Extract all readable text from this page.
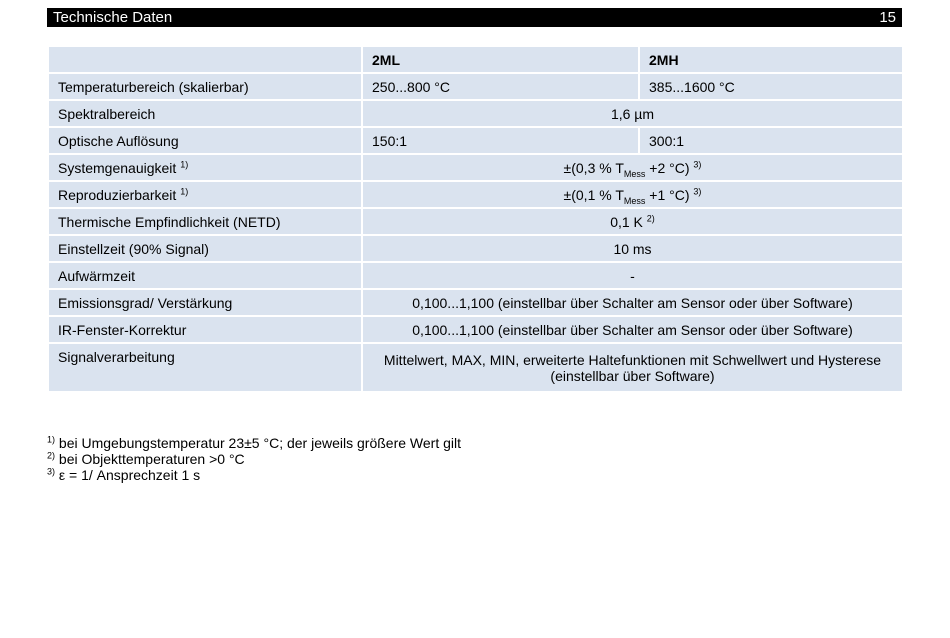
Technische Daten	15
	2ML	2MH
Temperaturbereich (skalierbar)	250...800 °C	385...1600 °C
Spektralbereich	1,6 µm	
Optische Auflösung	150:1	300:1
Systemgenauigkeit $^{1)}$	±(0,3 % $T_{Mess} +2$ °C) $^{3)}$
Reproduzierbarkeit $^{1)}$	±(0,1 % $T_{Mess} +1$ °C) $^{3)}$
Thermische Empfindlichkeit (NETD)	0,1 K $^{2)}$
Einstellzeit (90% Signal)	10 ms	
Aufwärmzeit	-	
Emissionsgrad/ Verstärkung	0,100...1,100 (einstellbar über Schalter am Sensor oder über Software)	
IR-Fenster-Korrektur	0,100...1,100 (einstellbar über Schalter am Sensor oder über Software)	
Signalverarbeitung	Mittelwert, MAX, MIN, erweiterte Haltefunktionen mit Schwellwert und Hysterese
(einstellbar über Software)	
$^{1)}$ bei Umgebungstemperatur 23±5 °C; der jeweils größere Wert gilt
$^{2)}$ bei Objekttemperaturen >0 °C
$^{3)}$ ε = 1/ Ansprechzeit 1 s
